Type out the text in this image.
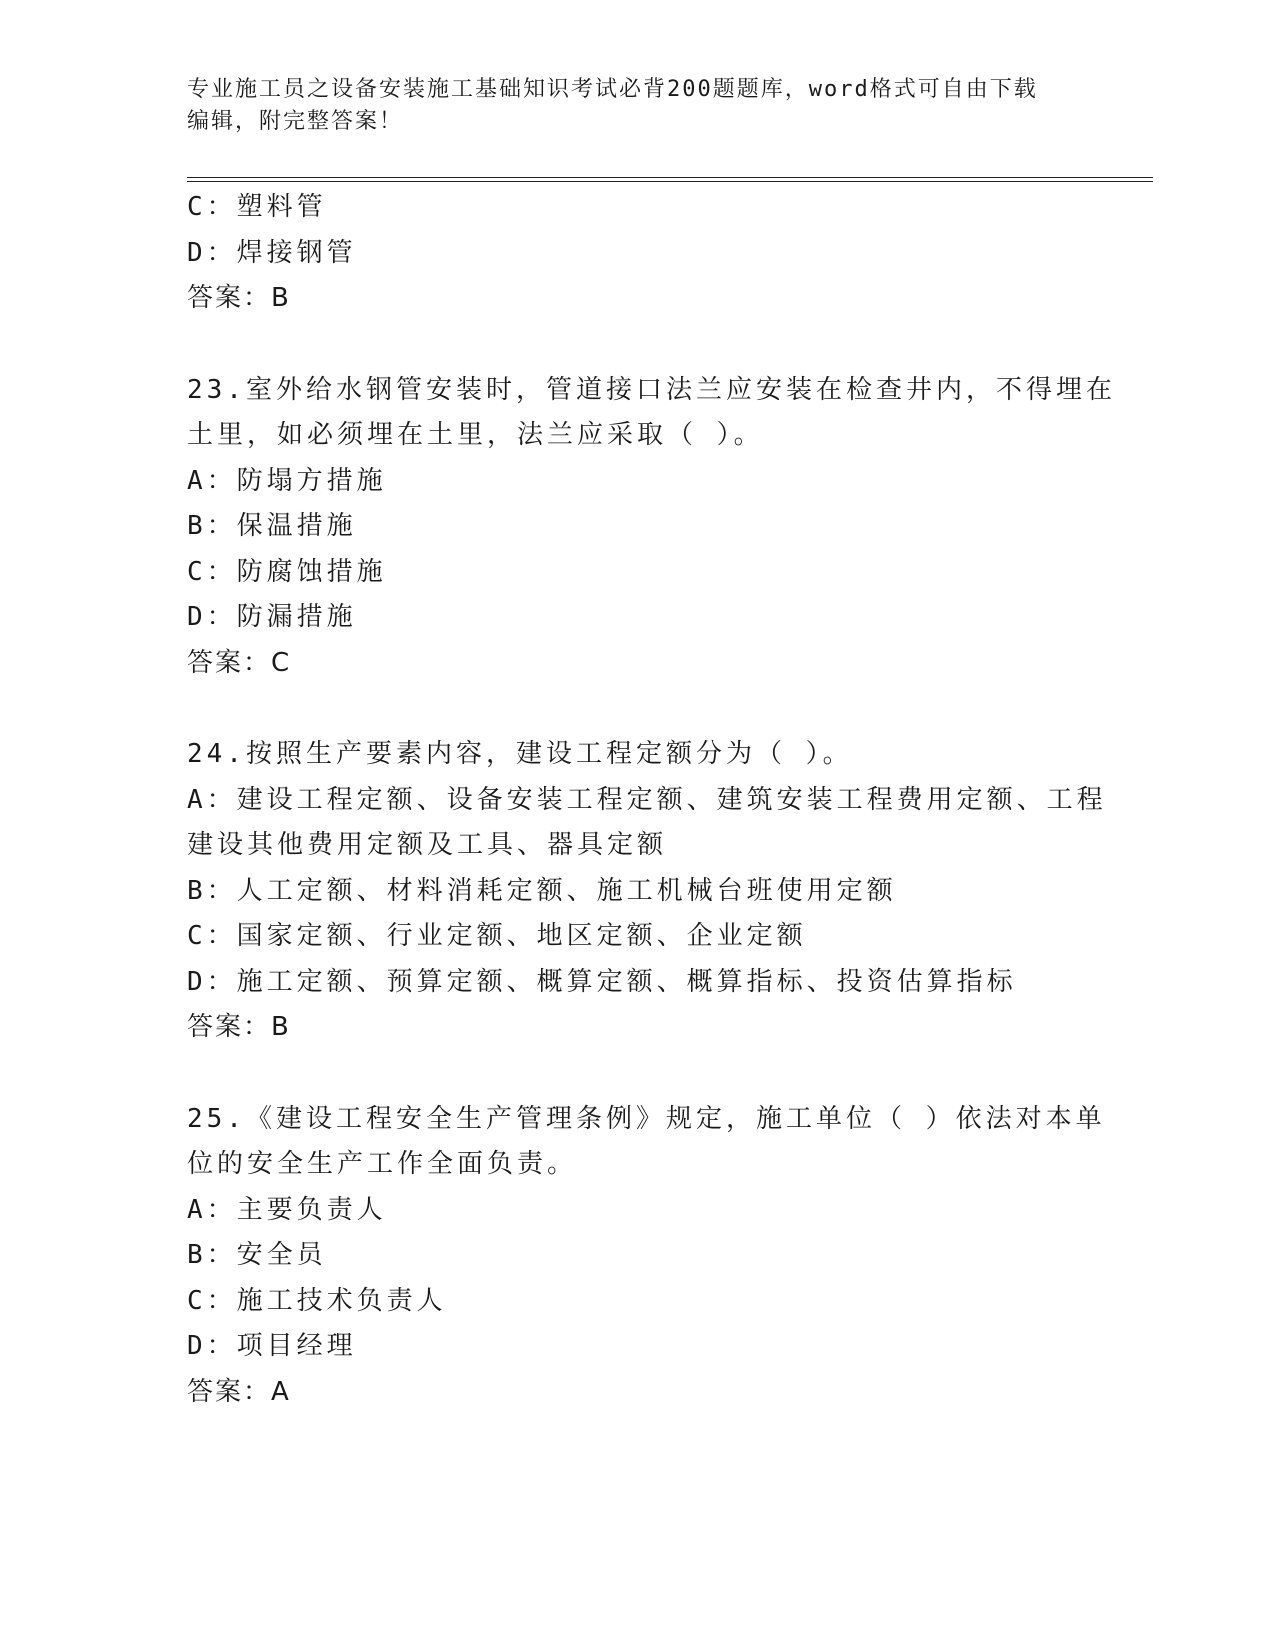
专业施工员之设备安装施工基础知识考试必背200题题库，word格式可自由下载
编辑，附完整答案！
C：塑料管
D：焊接钢管
答案：B
23.室外给水钢管安装时，管道接口法兰应安装在检查井内，不得埋在
土里，如必须埋在土里，法兰应采取（ ）。
A：防塌方措施
B：保温措施
C：防腐蚀措施
D：防漏措施
答案：C
24.按照生产要素内容，建设工程定额分为（ ）。
A：建设工程定额、设备安装工程定额、建筑安装工程费用定额、工程
建设其他费用定额及工具、器具定额
B：人工定额、材料消耗定额、施工机械台班使用定额
C：国家定额、行业定额、地区定额、企业定额
D：施工定额、预算定额、概算定额、概算指标、投资估算指标
答案：B
25.《建设工程安全生产管理条例》规定，施工单位（ ）依法对本单
位的安全生产工作全面负责。
A：主要负责人
B：安全员
C：施工技术负责人
D：项目经理
答案：A
